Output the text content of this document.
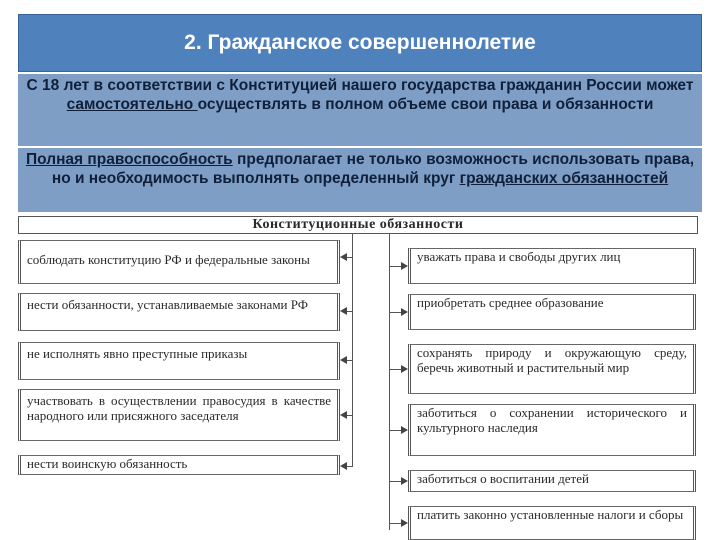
2. Гражданское совершеннолетие
С 18 лет в соответствии с Конституцией нашего государства гражданин России может самостоятельно осуществлять в полном объеме свои права и обязанности
Полная правоспособность предполагает не только возможность использовать права, но и необходимость выполнять определенный круг гражданских обязанностей
Конституционные обязанности
соблюдать конституцию РФ и федеральные законы
нести обязанности, устанавливаемые законами РФ
не исполнять явно преступные приказы
участвовать в осуществлении правосудия в качестве народного или присяжного заседателя
нести воинскую обязанность
уважать права и свободы других лиц
приобретать среднее образование
сохранять природу и окружающую среду, беречь животный и растительный мир
заботиться о сохранении исторического и культурного наследия
заботиться о воспитании детей
платить законно установленные налоги и сборы
